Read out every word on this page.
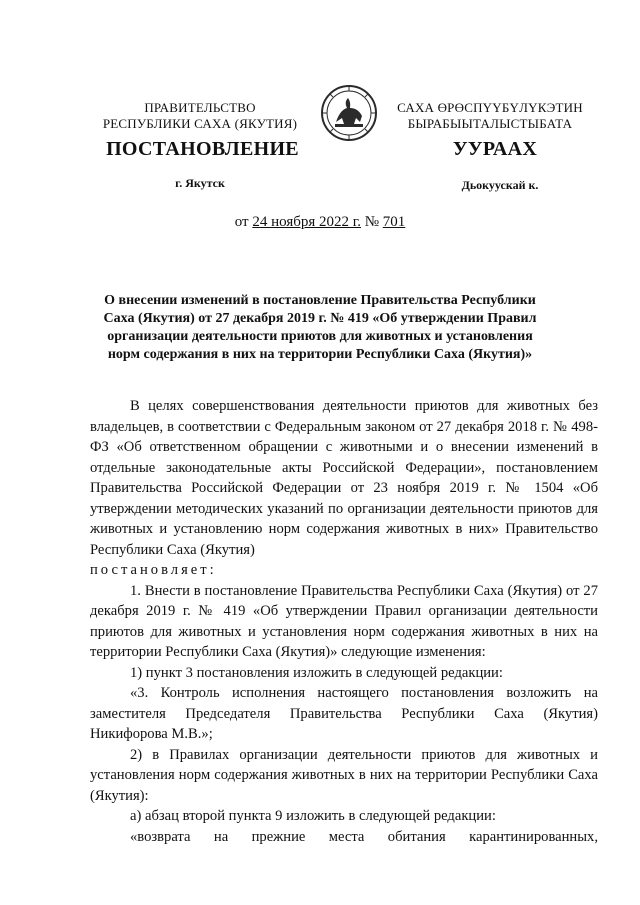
ПРАВИТЕЛЬСТВО
РЕСПУБЛИКИ САХА (ЯКУТИЯ)
САХА ӨРӨСПҮҮБҮЛҮКЭТИН
БЫРАБЫЫТАЛЫСТЫБАТА
ПОСТАНОВЛЕНИЕ	УУРААХ
г. Якутск	Дьокуускай к.
от 24 ноября 2022 г. № 701
О внесении изменений в постановление Правительства Республики Саха (Якутия) от 27 декабря 2019 г. № 419 «Об утверждении Правил организации деятельности приютов для животных и установления норм содержания в них на территории Республики Саха (Якутия)»

В целях совершенствования деятельности приютов для животных без владельцев, в соответствии с Федеральным законом от 27 декабря 2018 г. № 498-ФЗ «Об ответственном обращении с животными и о внесении изменений в отдельные законодательные акты Российской Федерации», постановлением Правительства Российской Федерации от 23 ноября 2019 г. № 1504 «Об утверждении методических указаний по организации деятельности приютов для животных и установлению норм содержания животных в них» Правительство Республики Саха (Якутия)

постановляет:

1. Внести в постановление Правительства Республики Саха (Якутия) от 27 декабря 2019 г. № 419 «Об утверждении Правил организации деятельности приютов для животных и установления норм содержания животных в них на территории Республики Саха (Якутия)» следующие изменения:

1) пункт 3 постановления изложить в следующей редакции:

«3. Контроль исполнения настоящего постановления возложить на заместителя Председателя Правительства Республики Саха (Якутия) Никифорова М.В.»;

2) в Правилах организации деятельности приютов для животных и установления норм содержания животных в них на территории Республики Саха (Якутия):

а) абзац второй пункта 9 изложить в следующей редакции:

«возврата на прежние места обитания карантинированных,
